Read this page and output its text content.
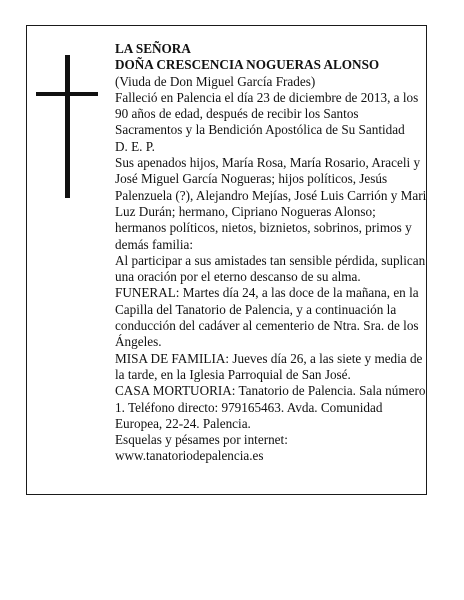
LA SEÑORA

DOÑA CRESCENCIA NOGUERAS ALONSO

(Viuda de Don Miguel García Frades)

Falleció en Palencia el día 23 de diciembre de 2013, a los 90 años de edad, después de recibir los Santos Sacramentos y la Bendición Apostólica de Su Santidad

D. E. P.

Sus apenados hijos, María Rosa, María Rosario, Araceli y José Miguel García Nogueras; hijos políticos, Jesús Palenzuela (?), Alejandro Mejías, José Luis Carrión y Mari Luz Durán; hermano, Cipriano Nogueras Alonso; hermanos políticos, nietos, biznietos, sobrinos, primos y demás familia:

Al participar a sus amistades tan sensible pérdida, suplican una oración por el eterno descanso de su alma.

FUNERAL: Martes día 24, a las doce de la mañana, en la Capilla del Tanatorio de Palencia, y a continuación la conducción del cadáver al cementerio de Ntra. Sra. de los Ángeles.

MISA DE FAMILIA: Jueves día 26, a las siete y media de la tarde, en la Iglesia Parroquial de San José.

CASA MORTUORIA: Tanatorio de Palencia. Sala número 1. Teléfono directo: 979165463. Avda. Comunidad Europea, 22-24. Palencia.

Esquelas y pésames por internet:

www.tanatoriodepalencia.es
